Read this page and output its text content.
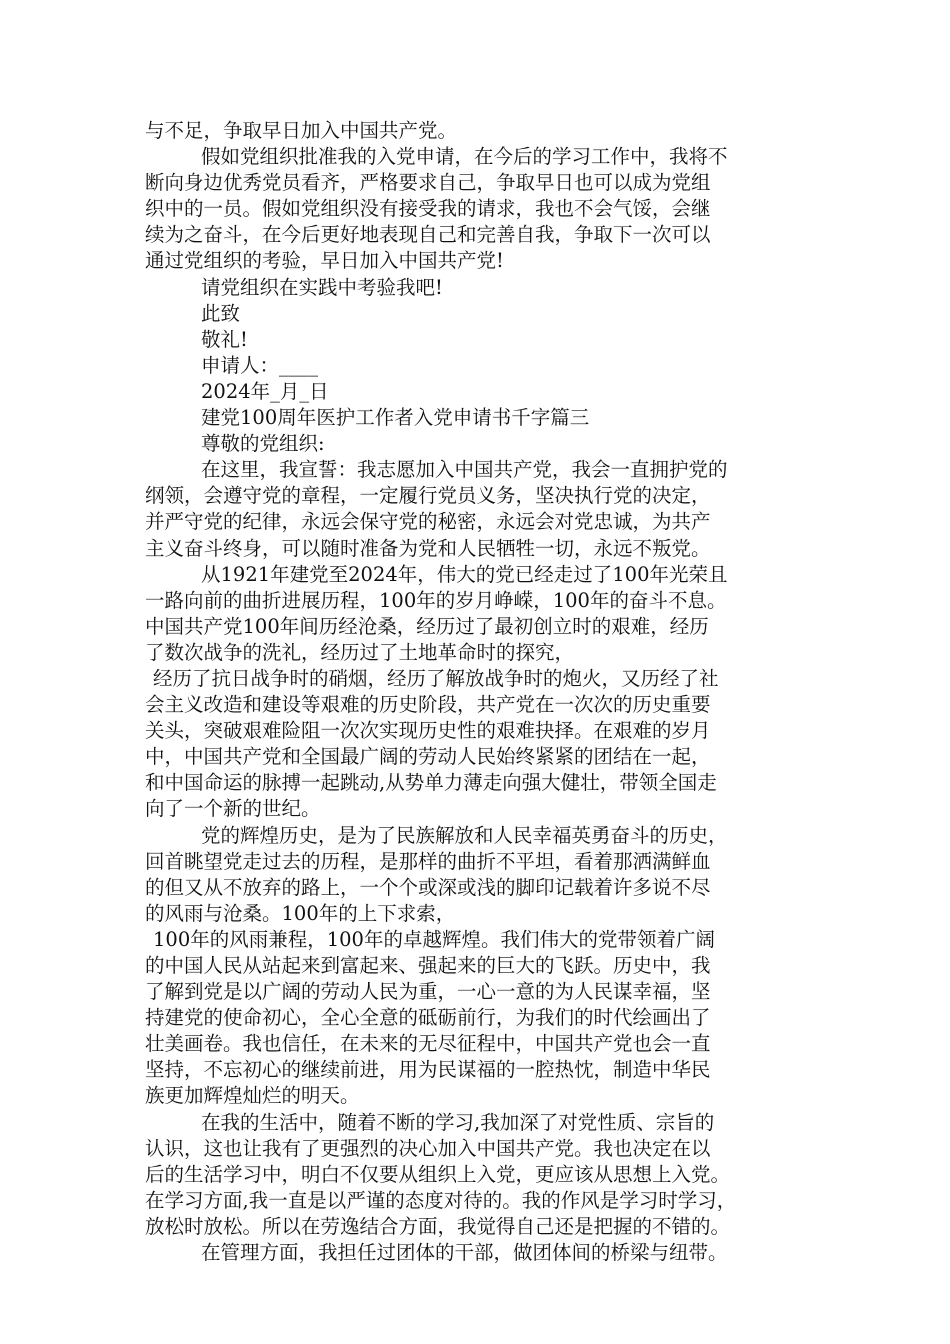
与不足，争取早日加入中国共产党。
假如党组织批准我的入党申请，在今后的学习工作中，我将不
断向身边优秀党员看齐，严格要求自己，争取早日也可以成为党组
织中的一员。假如党组织没有接受我的请求，我也不会气馁，会继
续为之奋斗，在今后更好地表现自己和完善自我，争取下一次可以
通过党组织的考验，早日加入中国共产党!
请党组织在实践中考验我吧!
此致
敬礼!
申请人：____
2024年_月_日
建党100周年医护工作者入党申请书千字篇三
尊敬的党组织:
在这里，我宣誓：我志愿加入中国共产党，我会一直拥护党的
纲领，会遵守党的章程，一定履行党员义务，坚决执行党的决定，
并严守党的纪律，永远会保守党的秘密，永远会对党忠诚，为共产
主义奋斗终身，可以随时准备为党和人民牺牲一切，永远不叛党。
从1921年建党至2024年，伟大的党已经走过了100年光荣且
一路向前的曲折进展历程，100年的岁月峥嵘，100年的奋斗不息。
中国共产党100年间历经沧桑，经历过了最初创立时的艰难，经历
了数次战争的洗礼，经历过了土地革命时的探究，
经历了抗日战争时的硝烟，经历了解放战争时的炮火，又历经了社
会主义改造和建设等艰难的历史阶段，共产党在一次次的历史重要
关头，突破艰难险阻一次次实现历史性的艰难抉择。在艰难的岁月
中，中国共产党和全国最广阔的劳动人民始终紧紧的团结在一起，
和中国命运的脉搏一起跳动,从势单力薄走向强大健壮，带领全国走
向了一个新的世纪。
党的辉煌历史，是为了民族解放和人民幸福英勇奋斗的历史，
回首眺望党走过去的历程，是那样的曲折不平坦，看着那洒满鲜血
的但又从不放弃的路上，一个个或深或浅的脚印记载着许多说不尽
的风雨与沧桑。100年的上下求索，
100年的风雨兼程，100年的卓越辉煌。我们伟大的党带领着广阔
的中国人民从站起来到富起来、强起来的巨大的飞跃。历史中，我
了解到党是以广阔的劳动人民为重，一心一意的为人民谋幸福，坚
持建党的使命初心，全心全意的砥砺前行，为我们的时代绘画出了
壮美画卷。我也信任，在未来的无尽征程中，中国共产党也会一直
坚持，不忘初心的继续前进，用为民谋福的一腔热忱，制造中华民
族更加辉煌灿烂的明天。
在我的生活中，随着不断的学习,我加深了对党性质、宗旨的
认识，这也让我有了更强烈的决心加入中国共产党。我也决定在以
后的生活学习中，明白不仅要从组织上入党，更应该从思想上入党。
在学习方面,我一直是以严谨的态度对待的。我的作风是学习时学习，
放松时放松。所以在劳逸结合方面，我觉得自己还是把握的不错的。
在管理方面，我担任过团体的干部，做团体间的桥梁与纽带。
